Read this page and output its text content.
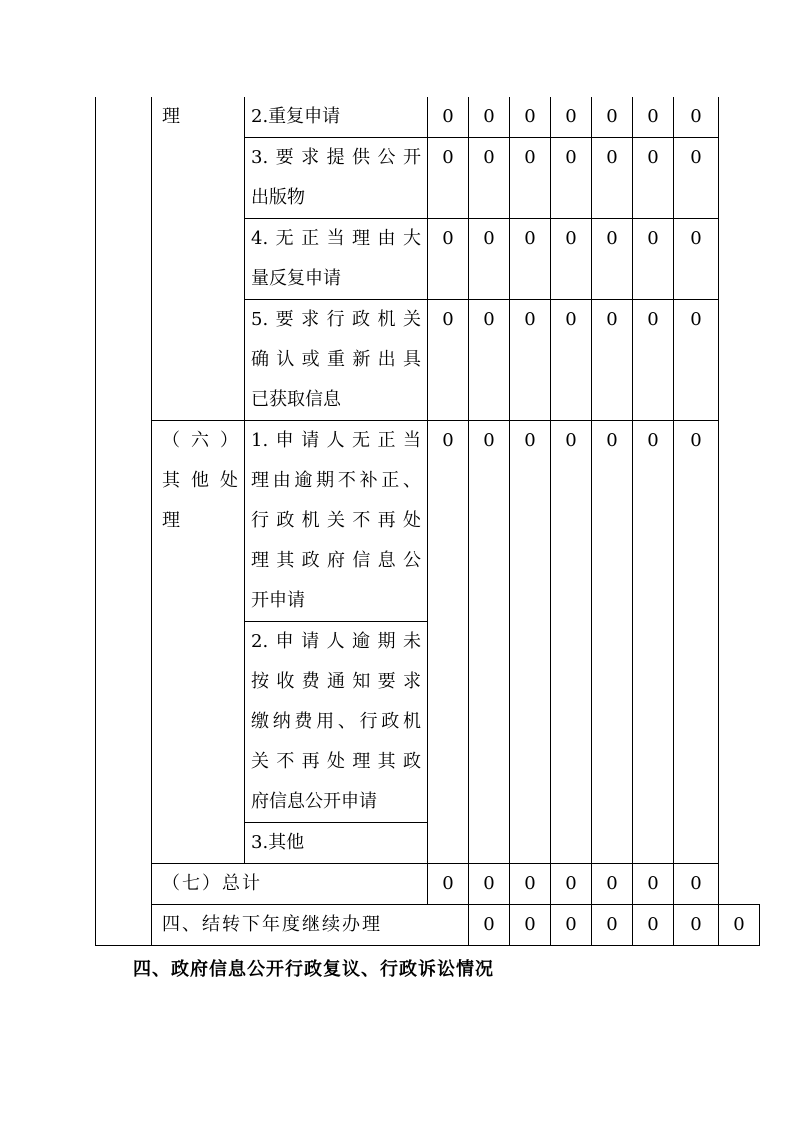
	理	2.重复申请	0	0	0	0	0	0	0	

		3.要求提供公开
出版物	0	0	0	0	0	0	0	

		4.无正当理由大
量反复申请	0	0	0	0	0	0	0	

		5.要求行政机关
确认或重新出具
已获取信息	0	0	0	0	0	0	0	

	（六）
其他处
理	1.申请人无正当
理由逾期不补正、
行政机关不再处
理其政府信息公
开申请	0	0	0	0	0	0	0	

		2.申请人逾期未
按收费通知要求
缴纳费用、行政机
关不再处理其政
府信息公开申请								

		3.其他								

	（七）总计		0	0	0	0	0	0	0	
	四、结转下年度继续办理			0	0	0	0	0	0	0
四、政府信息公开行政复议、行政诉讼情况
